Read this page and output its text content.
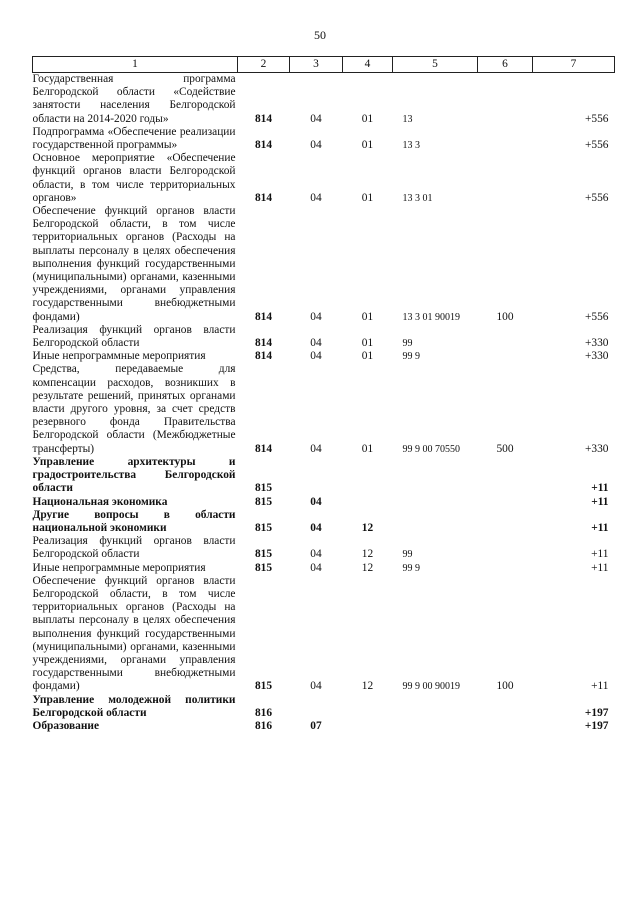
50
1	2	3	4	5	6	7
Государственная программа Белгородской области «Содействие занятости населения Белгородской области на 2014-2020 годы»	814	04	01	13		+556
Подпрограмма «Обеспечение реализации государственной программы»	814	04	01	13 3		+556
Основное мероприятие «Обеспечение функций органов власти Белгородской области, в том числе территориальных органов»	814	04	01	13 3 01		+556
Обеспечение функций органов власти Белгородской области, в том числе территориальных органов (Расходы на выплаты персоналу в целях обеспечения выполнения функций государственными (муниципальными) органами, казенными учреждениями, органами управления государственными внебюджетными фондами)	814	04	01	13 3 01 90019	100	+556
Реализация функций органов власти Белгородской области	814	04	01	99		+330
Иные непрограммные мероприятия	814	04	01	99 9		+330
Средства, передаваемые для компенсации расходов, возникших в результате решений, принятых органами власти другого уровня, за счет средств резервного фонда Правительства Белгородской области (Межбюджетные трансферты)	814	04	01	99 9 00 70550	500	+330
Управление архитектуры и градостроительства Белгородской области	815					+11
Национальная экономика	815	04				+11
Другие вопросы в области национальной экономики	815	04	12			+11
Реализация функций органов власти Белгородской области	815	04	12	99		+11
Иные непрограммные мероприятия	815	04	12	99 9		+11
Обеспечение функций органов власти Белгородской области, в том числе территориальных органов (Расходы на выплаты персоналу в целях обеспечения выполнения функций государственными (муниципальными) органами, казенными учреждениями, органами управления государственными внебюджетными фондами)	815	04	12	99 9 00 90019	100	+11
Управление молодежной политики Белгородской области	816					+197
Образование	816	07				+197
